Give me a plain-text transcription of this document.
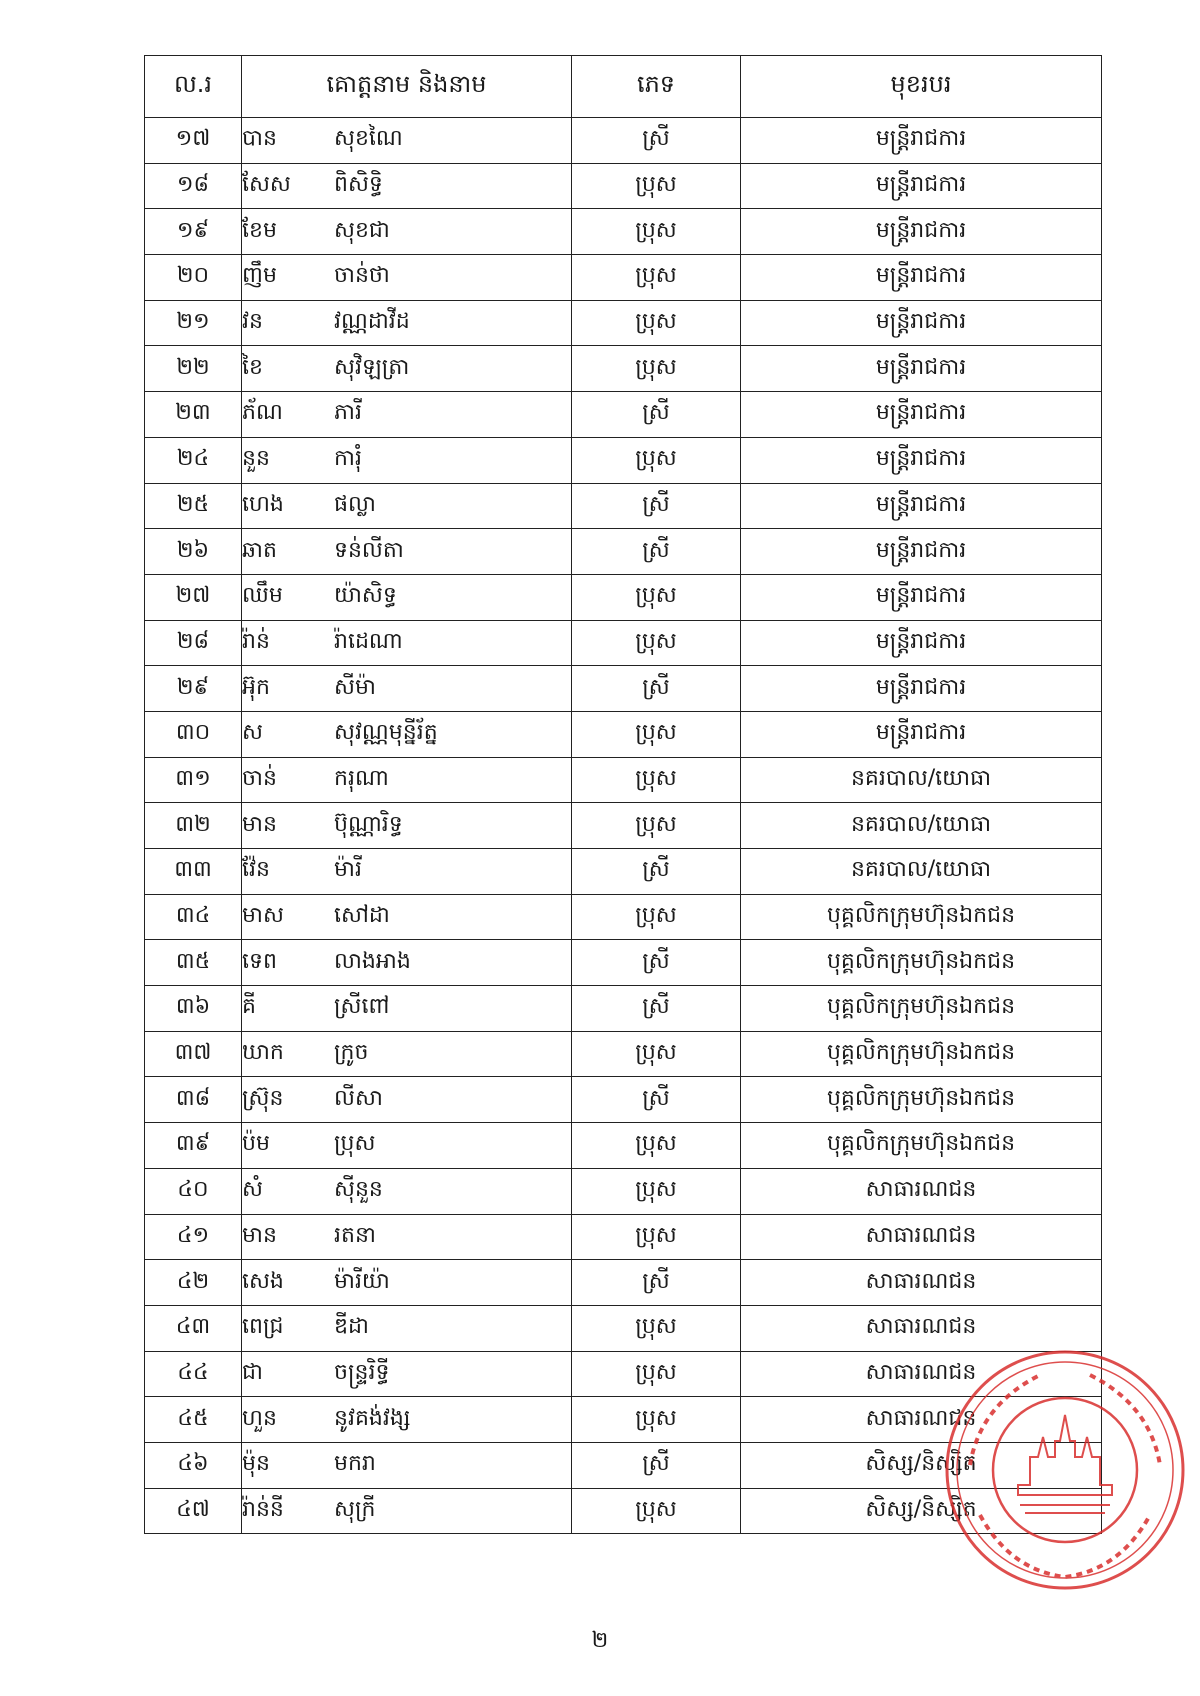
ល.រ	គោត្តនាម និងនាម	ភេទ	មុខរបរ
១៧	បាន សុខណៃ	ស្រី	មន្ត្រីរាជការ
១៨	សែស ពិសិទ្ធិ	ប្រុស	មន្ត្រីរាជការ
១៩	ខែម សុខជា	ប្រុស	មន្ត្រីរាជការ
២០	ញឹម ចាន់ថា	ប្រុស	មន្ត្រីរាជការ
២១	វន វណ្ណដាវីដ	ប្រុស	មន្ត្រីរាជការ
២២	ខៃ សុវិឡត្រា	ប្រុស	មន្ត្រីរាជការ
២៣	ភ័ណ ភារី	ស្រី	មន្ត្រីរាជការ
២៤	នួន ការុំ	ប្រុស	មន្ត្រីរាជការ
២៥	ហេង ផល្លា	ស្រី	មន្ត្រីរាជការ
២៦	ឆាត ទន់លីតា	ស្រី	មន្ត្រីរាជការ
២៧	ឈឹម យ៉ាសិទ្ធ	ប្រុស	មន្ត្រីរាជការ
២៨	រ៉ាន់ រ៉ាដេណា	ប្រុស	មន្ត្រីរាជការ
២៩	អ៊ុក សីម៉ា	ស្រី	មន្ត្រីរាជការ
៣០	ស សុវណ្ណមុន្នីរ័ត្ន	ប្រុស	មន្ត្រីរាជការ
៣១	ចាន់ ករុណា	ប្រុស	នគរបាល/យោធា
៣២	មាន ប៊ុណ្ណារិទ្ធ	ប្រុស	នគរបាល/យោធា
៣៣	វ៉ែន ម៉ារី	ស្រី	នគរបាល/យោធា
៣៤	មាស សៅដា	ប្រុស	បុគ្គលិកក្រុមហ៊ុនឯកជន
៣៥	ទេព លាងអាង	ស្រី	បុគ្គលិកក្រុមហ៊ុនឯកជន
៣៦	គី ស្រីពៅ	ស្រី	បុគ្គលិកក្រុមហ៊ុនឯកជន
៣៧	ឃាក ក្រូច	ប្រុស	បុគ្គលិកក្រុមហ៊ុនឯកជន
៣៨	ស្រ៊ុន លីសា	ស្រី	បុគ្គលិកក្រុមហ៊ុនឯកជន
៣៩	ប៉ម ប្រុស	ប្រុស	បុគ្គលិកក្រុមហ៊ុនឯកជន
៤០	សំ ស៊ីនួន	ប្រុស	សាធារណជន
៤១	មាន រតនា	ប្រុស	សាធារណជន
៤២	សេង ម៉ារីយ៉ា	ស្រី	សាធារណជន
៤៣	ពេជ្រ ឌីដា	ប្រុស	សាធារណជន
៤៤	ជា ចន្ទ្ររិទ្ធី	ប្រុស	សាធារណជន
៤៥	ហួន នូវគង់វង្ស	ប្រុស	សាធារណជន
៤៦	ម៉ុន មករា	ស្រី	សិស្ស/និស្សិត
៤៧	រ៉ាន់នី សុក្រី	ប្រុស	សិស្ស/និស្សិត
២
